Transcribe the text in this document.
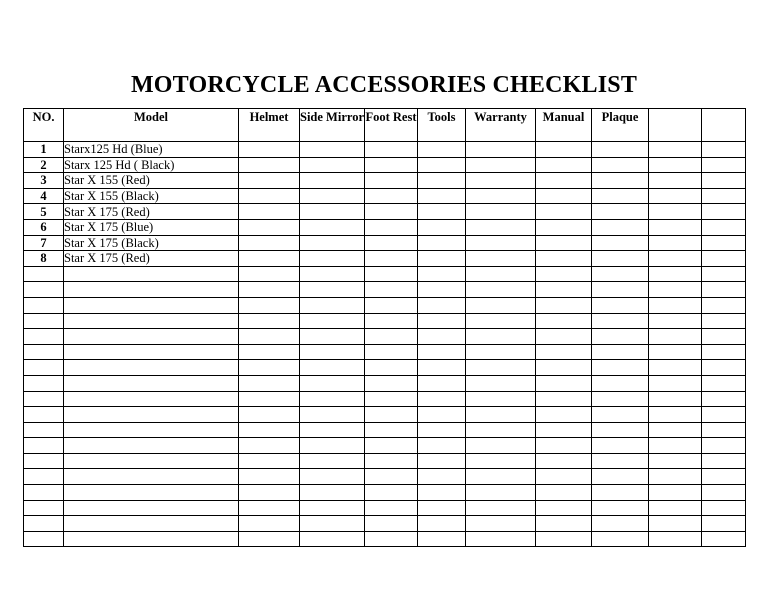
MOTORCYCLE ACCESSORIES CHECKLIST
NO.	Model	Helmet	Side Mirror	Foot Rest	Tools	Warranty	Manual	Plaque		
1	Starx125 Hd (Blue)									
2	Starx 125 Hd ( Black)									
3	Star X 155 (Red)									
4	Star X 155 (Black)									
5	Star X 175 (Red)									
6	Star X 175 (Blue)									
7	Star X 175 (Black)									
8	Star X 175 (Red)									
